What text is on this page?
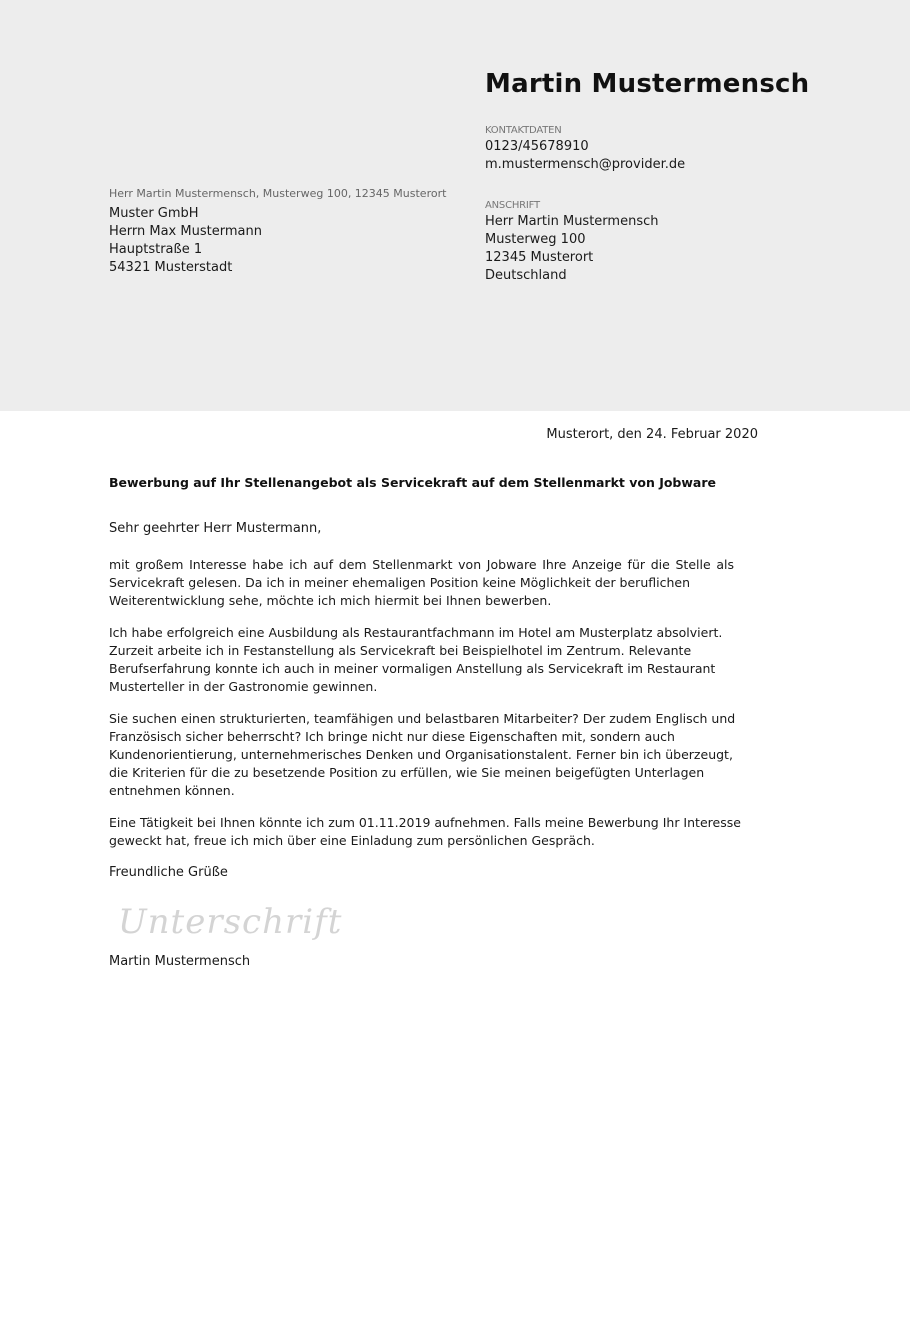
Martin Mustermensch
KONTAKTDATEN
0123/45678910
m.mustermensch@provider.de
ANSCHRIFT
Herr Martin Mustermensch
Musterweg 100
12345 Musterort
Deutschland
Herr Martin Mustermensch, Musterweg 100, 12345 Musterort
Muster GmbH
Herrn Max Mustermann
Hauptstraße 1
54321 Musterstadt
Musterort, den 24. Februar 2020
Bewerbung auf Ihr Stellenangebot als Servicekraft auf dem Stellenmarkt von Jobware
Sehr geehrter Herr Mustermann,
mit großem Interesse habe ich auf dem Stellenmarkt von Jobware Ihre Anzeige für die Stelle als
Servicekraft gelesen. Da ich in meiner ehemaligen Position keine Möglichkeit der beruflichen
Weiterentwicklung sehe, möchte ich mich hiermit bei Ihnen bewerben.
Ich habe erfolgreich eine Ausbildung als Restaurantfachmann im Hotel am Musterplatz absolviert.
Zurzeit arbeite ich in Festanstellung als Servicekraft bei Beispielhotel im Zentrum. Relevante
Berufserfahrung konnte ich auch in meiner vormaligen Anstellung als Servicekraft im Restaurant
Musterteller in der Gastronomie gewinnen.
Sie suchen einen strukturierten, teamfähigen und belastbaren Mitarbeiter? Der zudem Englisch und
Französisch sicher beherrscht? Ich bringe nicht nur diese Eigenschaften mit, sondern auch
Kundenorientierung, unternehmerisches Denken und Organisationstalent. Ferner bin ich überzeugt,
die Kriterien für die zu besetzende Position zu erfüllen, wie Sie meinen beigefügten Unterlagen
entnehmen können.
Eine Tätigkeit bei Ihnen könnte ich zum 01.11.2019 aufnehmen. Falls meine Bewerbung Ihr Interesse
geweckt hat, freue ich mich über eine Einladung zum persönlichen Gespräch.
Freundliche Grüße
Unterschrift
Martin Mustermensch
